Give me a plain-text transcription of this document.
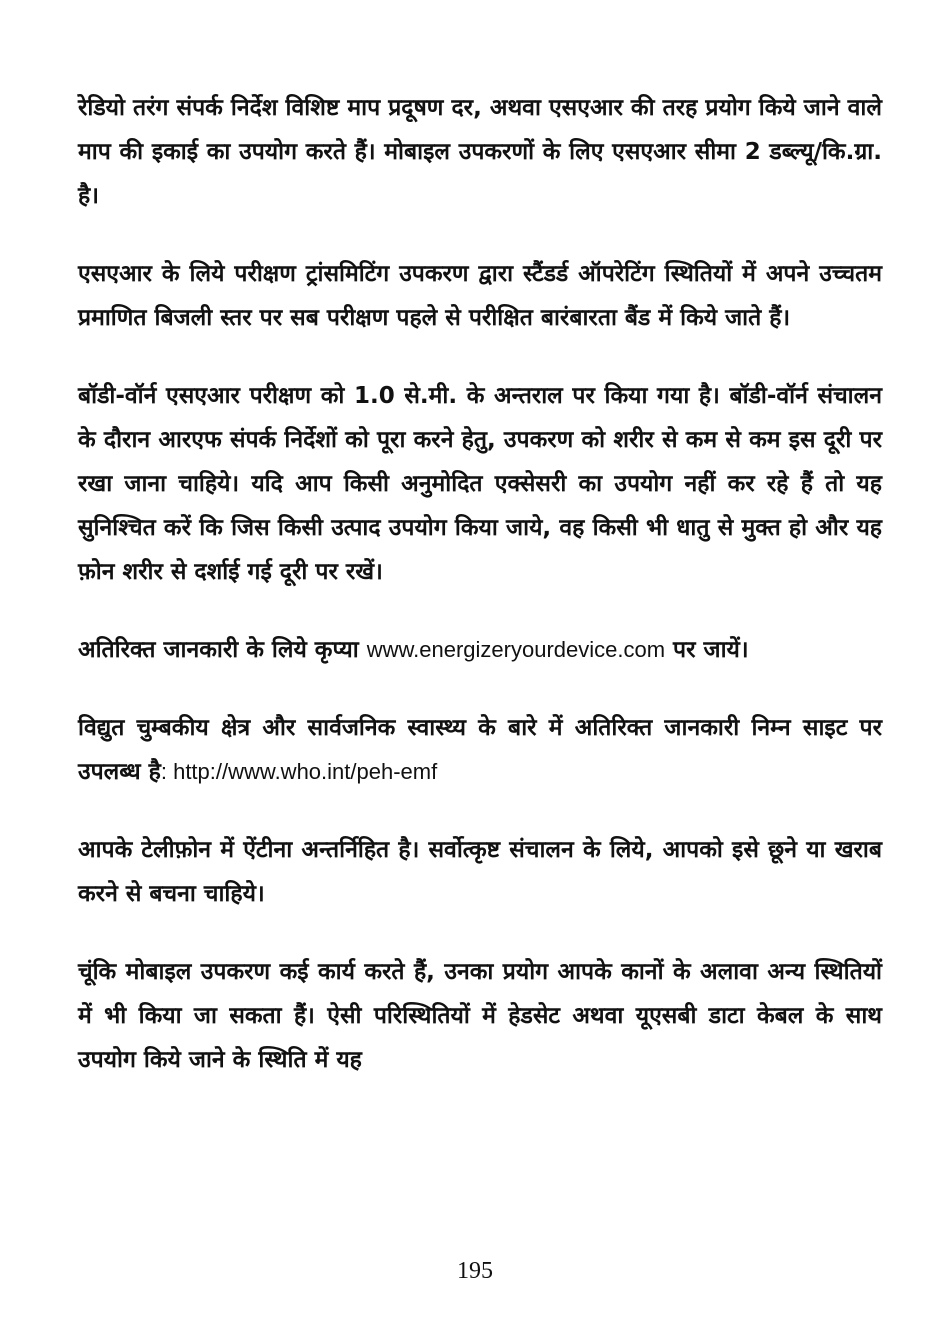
रेडियो तरंग संपर्क निर्देश विशिष्ट माप प्रदूषण दर, अथवा एसएआर की तरह प्रयोग किये जाने वाले माप की इकाई का उपयोग करते हैं। मोबाइल उपकरणों के लिए एसएआर सीमा 2 डब्ल्यू/कि.ग्रा. है।

एसएआर के लिये परीक्षण ट्रांसमिटिंग उपकरण द्वारा स्टैंडर्ड ऑपरेटिंग स्थितियों में अपने उच्चतम प्रमाणित बिजली स्तर पर सब परीक्षण पहले से परीक्षित बारंबारता बैंड में किये जाते हैं।

बॉडी-वॉर्न एसएआर परीक्षण को 1.0 से.मी. के अन्तराल पर किया गया है। बॉडी-वॉर्न संचालन के दौरान आरएफ संपर्क निर्देशों को पूरा करने हेतु, उपकरण को शरीर से कम से कम इस दूरी पर रखा जाना चाहिये। यदि आप किसी अनुमोदित एक्सेसरी का उपयोग नहीं कर रहे हैं तो यह सुनिश्चित करें कि जिस किसी उत्पाद उपयोग किया जाये, वह किसी भी धातु से मुक्त हो और यह फ़ोन शरीर से दर्शाई गई दूरी पर रखें।

अतिरिक्त जानकारी के लिये कृप्या www.energizeryourdevice.com पर जायें।

विद्युत चुम्बकीय क्षेत्र और सार्वजनिक स्वास्थ्य के बारे में अतिरिक्त जानकारी निम्न साइट पर उपलब्ध है: http://www.who.int/peh-emf

आपके टेलीफ़ोन में ऐंटीना अन्तर्निहित है। सर्वोत्कृष्ट संचालन के लिये, आपको इसे छूने या खराब करने से बचना चाहिये।

चूंकि मोबाइल उपकरण कई कार्य करते हैं, उनका प्रयोग आपके कानों के अलावा अन्य स्थितियों में भी किया जा सकता हैं। ऐसी परिस्थितियों में हेडसेट अथवा यूएसबी डाटा केबल के साथ उपयोग किये जाने के स्थिति में यह

195
